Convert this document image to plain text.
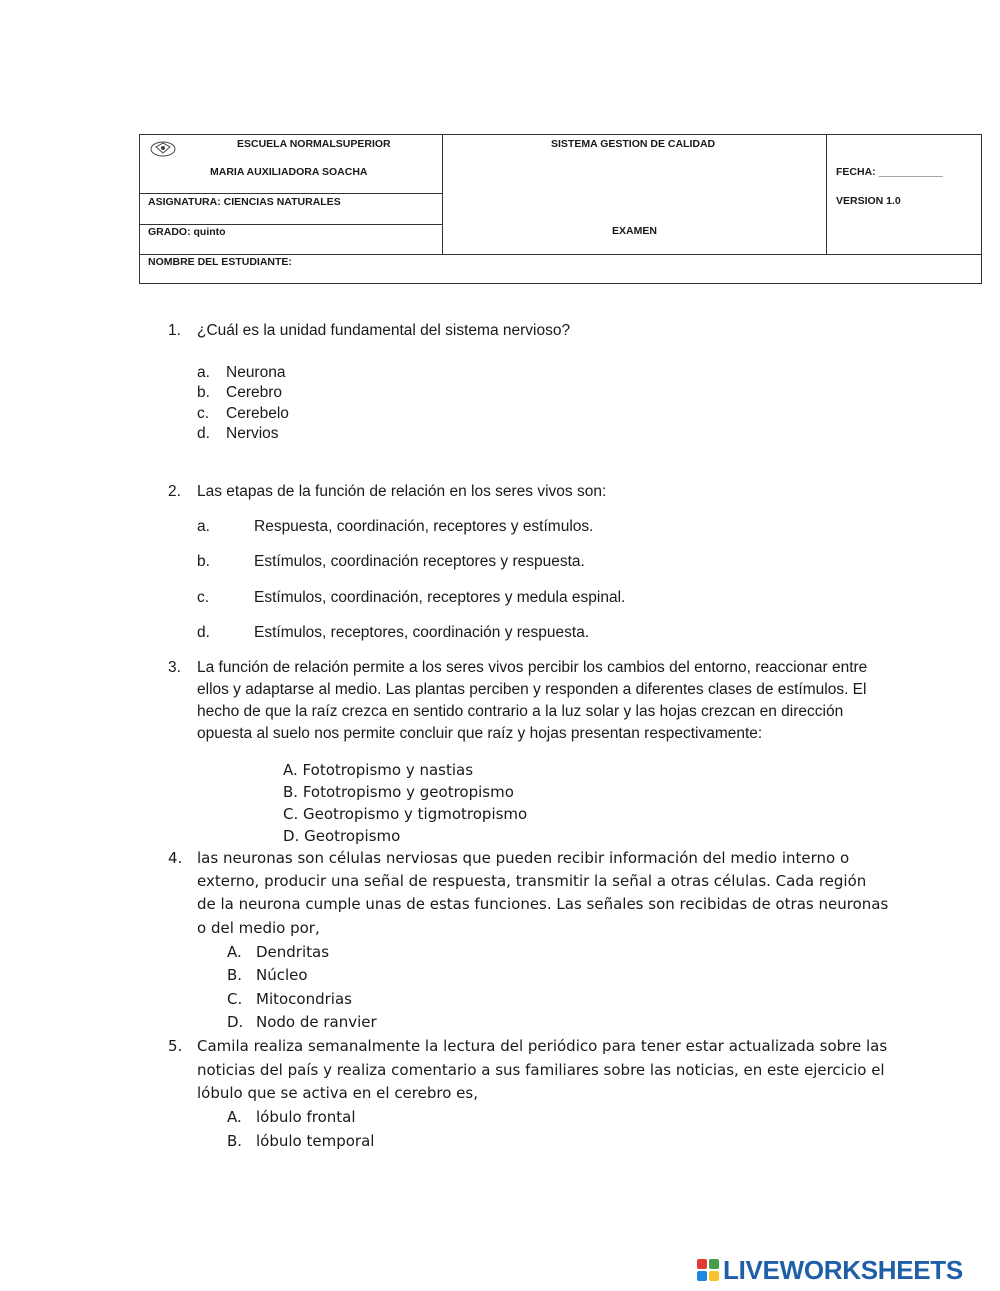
ESCUELA NORMALSUPERIOR
MARIA AUXILIADORA SOACHA
SISTEMA GESTION DE CALIDAD
FECHA: ___________
VERSION 1.0
ASIGNATURA: CIENCIAS NATURALES
GRADO: quinto	EXAMEN
NOMBRE DEL ESTUDIANTE:
1. ¿Cuál es la unidad fundamental del sistema nervioso?
a. Neurona
b. Cerebro
c. Cerebelo
d. Nervios
2. Las etapas de la función de relación en los seres vivos son:
a.	Respuesta, coordinación, receptores y estímulos.
b.	Estímulos, coordinación receptores y respuesta.
c.	Estímulos, coordinación, receptores y medula espinal.
d.	Estímulos, receptores, coordinación y respuesta.
3. La función de relación permite a los seres vivos percibir los cambios del entorno, reaccionar entre
ellos y adaptarse al medio. Las plantas perciben y responden a diferentes clases de estímulos. El
hecho de que la raíz crezca en sentido contrario a la luz solar y las hojas crezcan en dirección
opuesta al suelo nos permite concluir que raíz y hojas presentan respectivamente:
A. Fototropismo y nastias
B. Fototropismo y geotropismo
C. Geotropismo y tigmotropismo
D. Geotropismo
4. las neuronas son células nerviosas que pueden recibir información del medio interno o
externo, producir una señal de respuesta, transmitir la señal a otras células. Cada región
de la neurona cumple unas de estas funciones. Las señales son recibidas de otras neuronas
o del medio por,
A. Dendritas
B. Núcleo
C. Mitocondrias
D. Nodo de ranvier
5. Camila realiza semanalmente la lectura del periódico para tener estar actualizada sobre las
noticias del país y realiza comentario a sus familiares sobre las noticias, en este ejercicio el
lóbulo que se activa en el cerebro es,
A. lóbulo frontal
B. lóbulo temporal
LIVEWORKSHEETS
